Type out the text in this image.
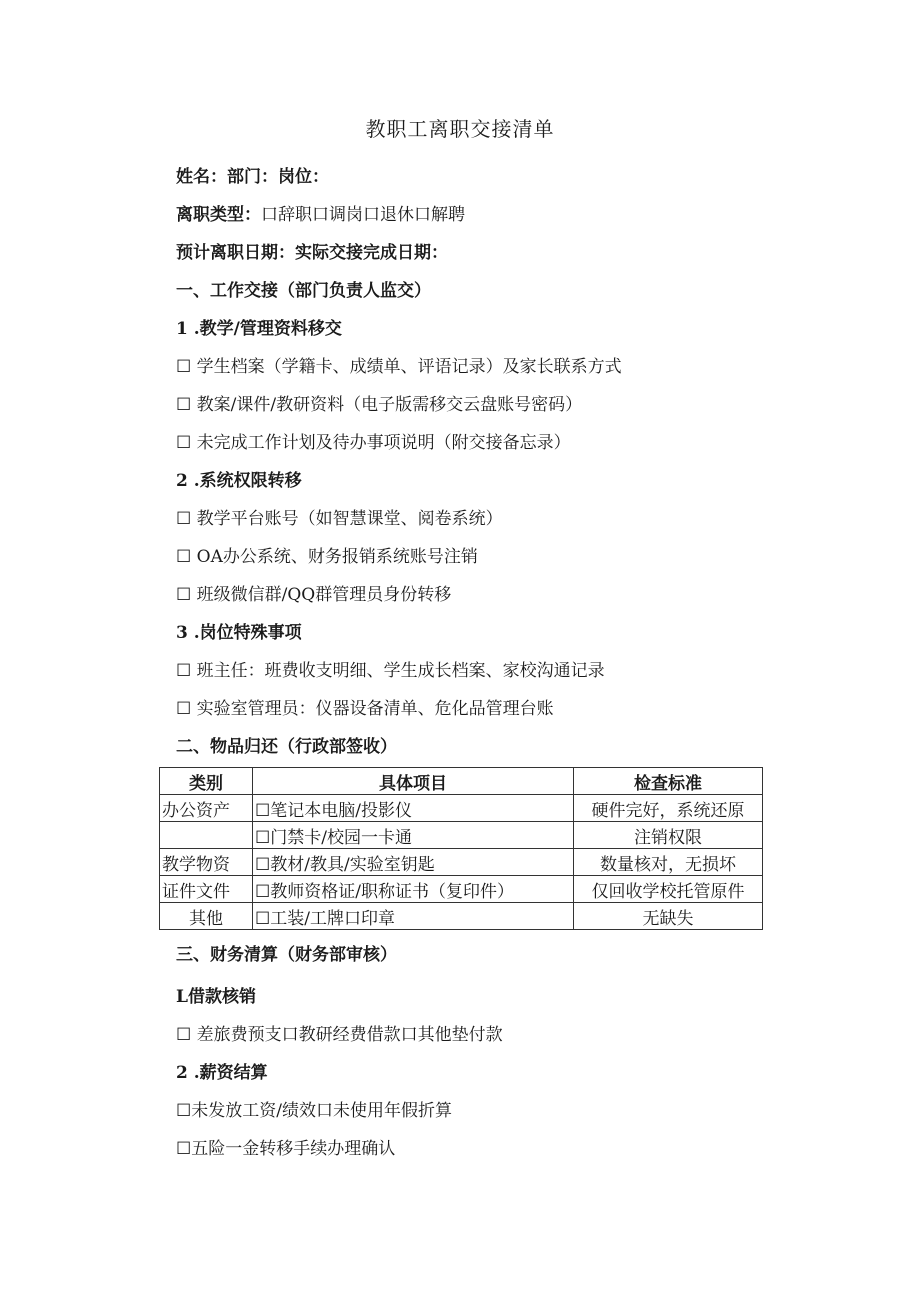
教职工离职交接清单
姓名：部门：岗位：
离职类型：口辞职口调岗口退休口解聘
预计离职日期：实际交接完成日期：
一、工作交接（部门负责人监交）
1 .教学/管理资料移交
☐ 学生档案（学籍卡、成绩单、评语记录）及家长联系方式
☐ 教案/课件/教研资料（电子版需移交云盘账号密码）
☐ 未完成工作计划及待办事项说明（附交接备忘录）
2 .系统权限转移
☐ 教学平台账号（如智慧课堂、阅卷系统）
☐ OA办公系统、财务报销系统账号注销
☐ 班级微信群/QQ群管理员身份转移
3 .岗位特殊事项
☐ 班主任：班费收支明细、学生成长档案、家校沟通记录
☐ 实验室管理员：仪器设备清单、危化品管理台账
二、物品归还（行政部签收）
类别	具体项目	检查标准
办公资产	☐笔记本电脑/投影仪	硬件完好，系统还原
	☐门禁卡/校园一卡通	注销权限
教学物资	☐教材/教具/实验室钥匙	数量核对，无损坏
证件文件	☐教师资格证/职称证书（复印件）	仅回收学校托管原件
其他	☐工装/工牌口印章	无缺失
三、财务清算（财务部审核）
L借款核销
☐ 差旅费预支口教研经费借款口其他垫付款
2 .薪资结算
☐未发放工资/绩效口未使用年假折算
☐五险一金转移手续办理确认
